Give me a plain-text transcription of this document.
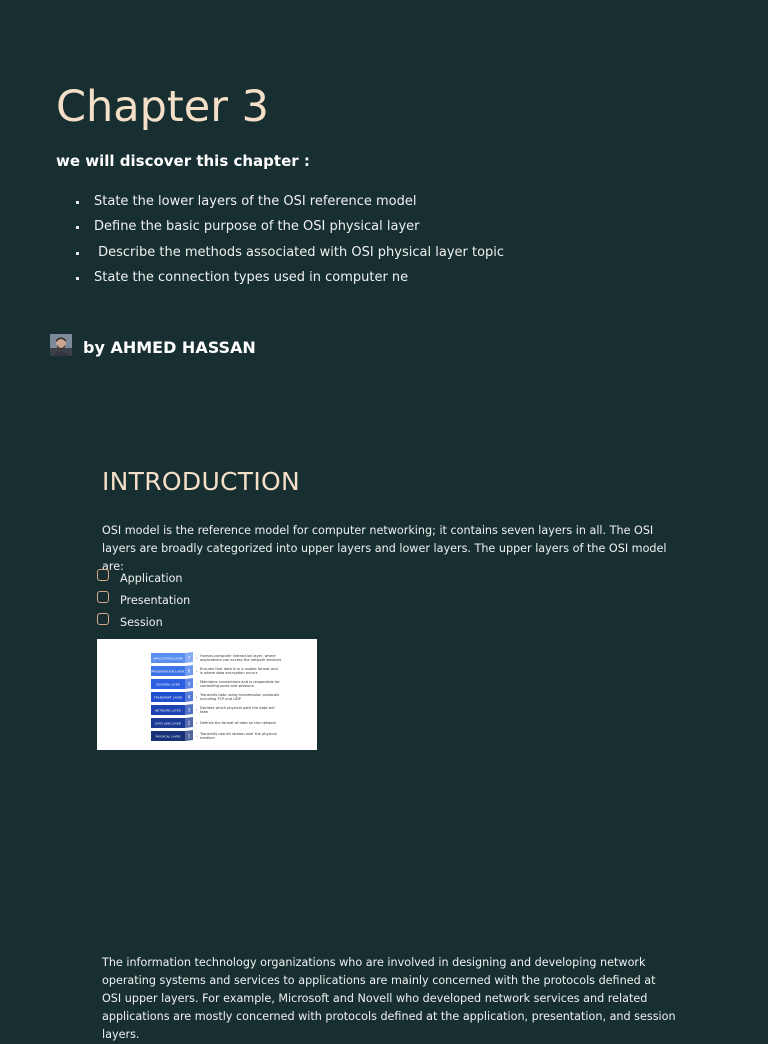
Chapter 3
we will discover this chapter :

State the lower layers of the OSI reference model

Define the basic purpose of the OSI physical layer

Describe the methods associated with OSI physical layer topic

State the connection types used in computer ne

by AHMED HASSAN
INTRODUCTION
OSI model is the reference model for computer networking; it contains seven layers in all. The OSI layers are broadly categorized into upper layers and lower layers. The upper layers of the OSI model are:
Application
Presentation
Session
APPLICATION LAYER 7 › Human-computer interaction layer, where applications can access the network services
PRESENTATION LAYER 6 › Ensures that data is in a usable format and is where data encryption occurs
SESSION LAYER 5 › Maintains connections and is responsible for controlling ports and sessions
TRANSPORT LAYER 4 › Transmits data using transmission protocols including TCP and UDP
NETWORK LAYER 3 › Decides which physical path the data will take
DATA LINK LAYER 2 › Defines the format of data on the network
PHYSICAL LAYER 1 › Transmits raw bit stream over the physical medium
The information technology organizations who are involved in designing and developing network operating systems and services to applications are mainly concerned with the protocols defined at OSI upper layers. For example, Microsoft and Novell who developed network services and related applications are mostly concerned with protocols defined at the application, presentation, and session layers.
